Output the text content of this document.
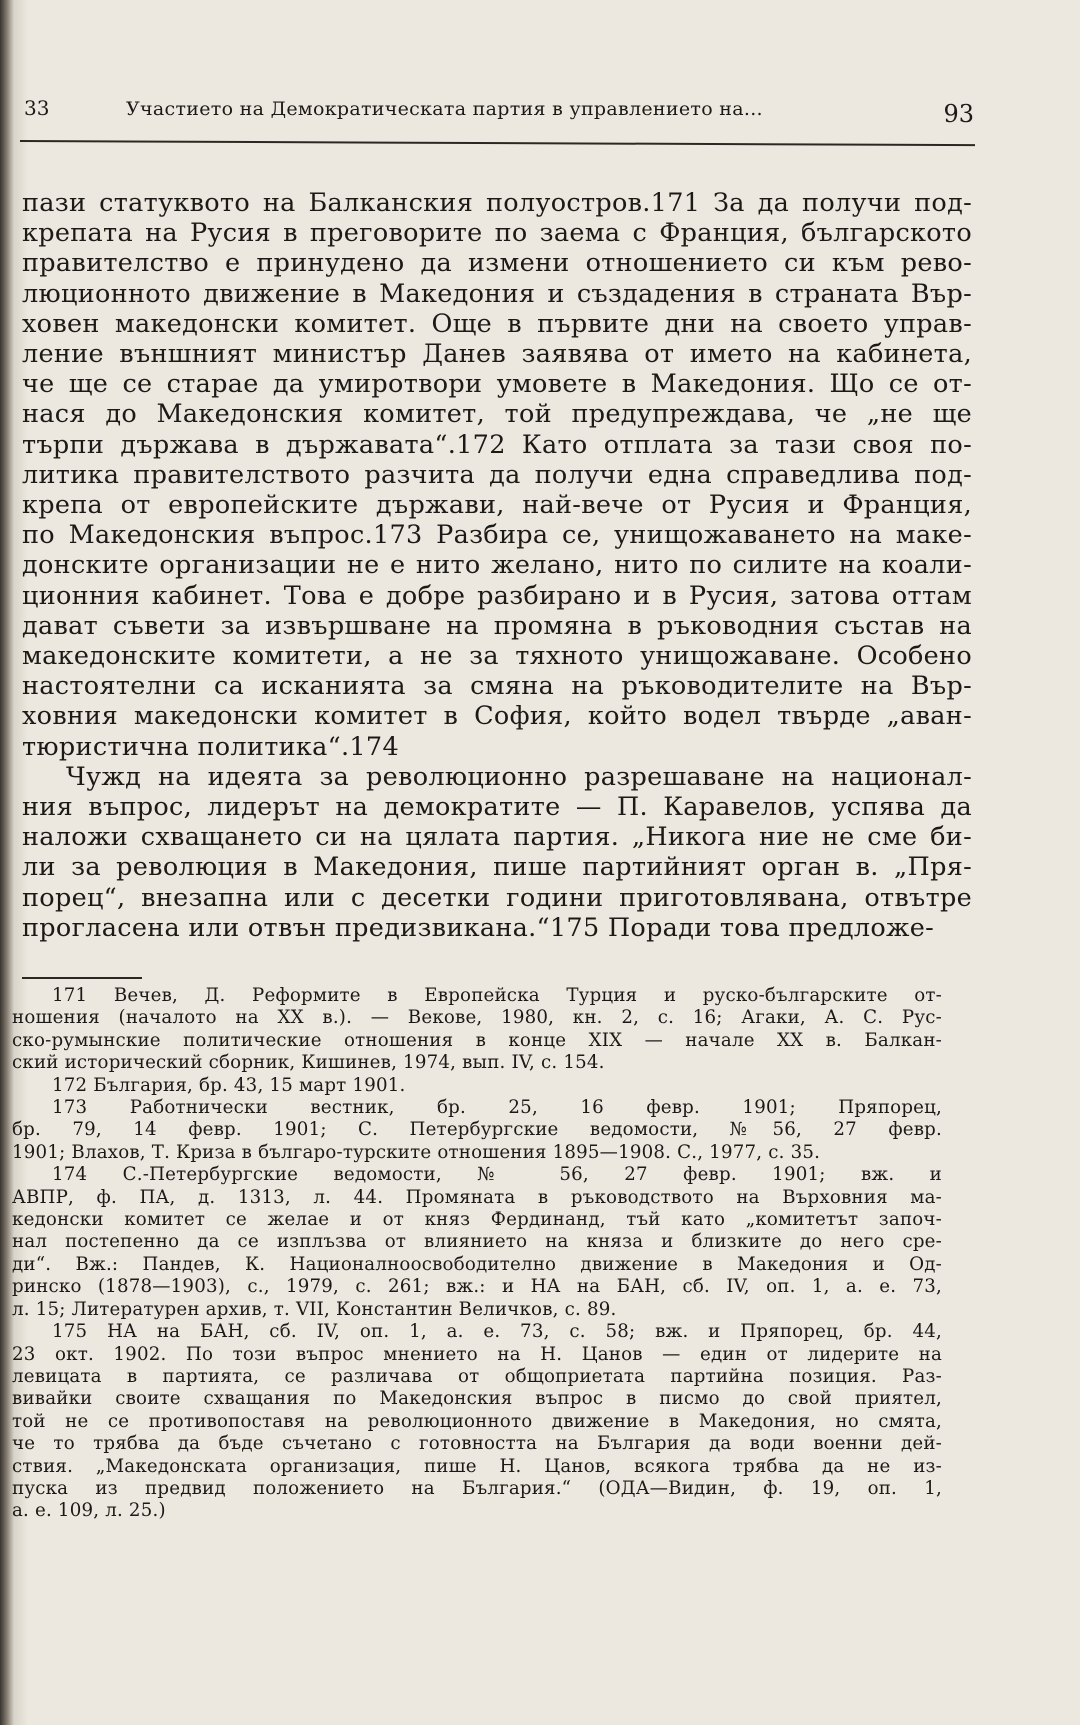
33	Участието на Демократическата партия в управлението на...	93
пази статуквото на Балканския полуостров.171 За да получи под-
крепата на Русия в преговорите по заема с Франция, българското
правителство е принудено да измени отношението си към рево-
люционното движение в Македония и създадения в страната Вър-
ховен македонски комитет. Още в първите дни на своето управ-
ление външният министър Данев заявява от името на кабинета,
че ще се старае да умиротвори умовете в Македония. Що се от-
нася до Македонския комитет, той предупреждава, че „не ще
търпи държава в държавата“.172 Като отплата за тази своя по-
литика правителството разчита да получи една справедлива под-
крепа от европейските държави, най-вече от Русия и Франция,
по Македонския въпрос.173 Разбира се, унищожаването на маке-
донските организации не е нито желано, нито по силите на коали-
ционния кабинет. Това е добре разбирано и в Русия, затова оттам
дават съвети за извършване на промяна в ръководния състав на
македонските комитети, а не за тяхното унищожаване. Особено
настоятелни са исканията за смяна на ръководителите на Вър-
ховния македонски комитет в София, който водел твърде „аван-
тюристична политика“.174
Чужд на идеята за революционно разрешаване на национал-
ния въпрос, лидерът на демократите — П. Каравелов, успява да
наложи схващането си на цялата партия. „Никога ние не сме би-
ли за революция в Македония, пише партийният орган в. „Пря-
порец“, внезапна или с десетки години приготовлявана, отвътре
прогласена или отвън предизвикана.“175 Поради това предложе-
171 Вечев, Д. Реформите в Европейска Турция и руско-българските от-
ношения (началото на XX в.). — Векове, 1980, кн. 2, с. 16; Агаки, А. С. Рус-
ско-румынские политические отношения в конце XIX — начале XX в. Балкан-
ский исторический сборник, Кишинев, 1974, вып. IV, с. 154.
172 България, бр. 43, 15 март 1901.
173 Работнически вестник, бр. 25, 16 февр. 1901; Пряпорец,
бр. 79, 14 февр. 1901; С. Петербургские ведомости, №56, 27 февр.
1901; Влахов, Т. Криза в българо-турските отношения 1895—1908. С., 1977, с. 35.
174 С.-Петербургские ведомости, № 56, 27 февр. 1901; вж. и
АВПР, ф. ПА, д. 1313, л. 44. Промяната в ръководството на Върховния ма-
кедонски комитет се желае и от княз Фердинанд, тъй като „комитетът започ-
нал постепенно да се изплъзва от влиянието на княза и близките до него сре-
ди“. Вж.: Пандев, К. Националноосвободително движение в Македония и Од-
ринско (1878—1903), с., 1979, с. 261; вж.: и НА на БАН, сб. IV, оп. 1, а. е. 73,
л. 15; Литературен архив, т. VII, Константин Величков, с. 89.
175 НА на БАН, сб. IV, оп. 1, а. е. 73, с. 58; вж. и Пряпорец, бр. 44,
23 окт. 1902. По този въпрос мнението на Н. Цанов — един от лидерите на
левицата в партията, се различава от общоприетата партийна позиция. Раз-
вивайки своите схващания по Македонския въпрос в писмо до свой приятел,
той не се противопоставя на революционното движение в Македония, но смята,
че то трябва да бъде съчетано с готовността на България да води военни дей-
ствия. „Македонската организация, пише Н. Цанов, всякога трябва да не из-
пуска из предвид положението на България.“ (ОДА—Видин, ф. 19, оп. 1,
а. е. 109, л. 25.)
